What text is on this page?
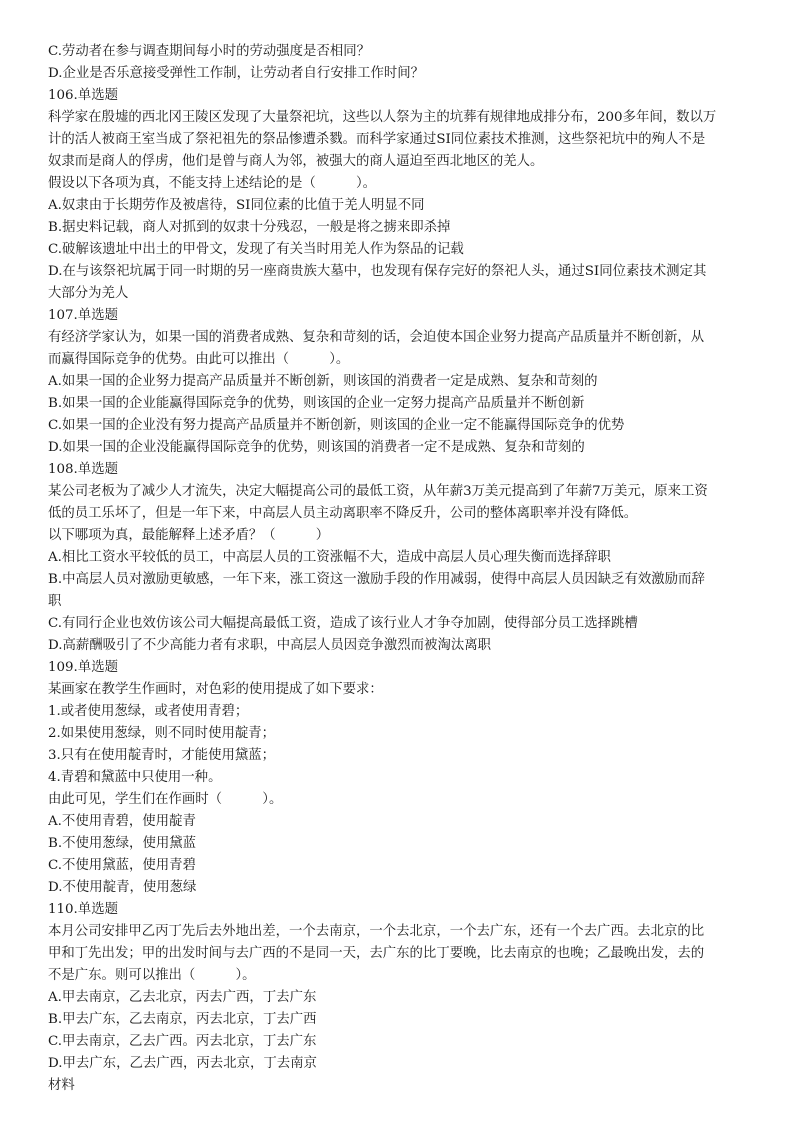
C.劳动者在参与调查期间每小时的劳动强度是否相同？
D.企业是否乐意接受弹性工作制，让劳动者自行安排工作时间？
106.单选题
科学家在殷墟的西北冈王陵区发现了大量祭祀坑，这些以人祭为主的坑葬有规律地成排分布，200多年间，数以万
计的活人被商王室当成了祭祀祖先的祭品惨遭杀戮。而科学家通过SI同位素技术推测，这些祭祀坑中的殉人不是
奴隶而是商人的俘虏，他们是曾与商人为邻，被强大的商人逼迫至西北地区的羌人。
假设以下各项为真，不能支持上述结论的是（　　　）。
A.奴隶由于长期劳作及被虐待，SI同位素的比值于羌人明显不同
B.据史料记载，商人对抓到的奴隶十分残忍，一般是将之掳来即杀掉
C.破解该遗址中出土的甲骨文，发现了有关当时用羌人作为祭品的记载
D.在与该祭祀坑属于同一时期的另一座商贵族大墓中，也发现有保存完好的祭祀人头，通过SI同位素技术测定其
大部分为羌人
107.单选题
有经济学家认为，如果一国的消费者成熟、复杂和苛刻的话，会迫使本国企业努力提高产品质量并不断创新，从
而赢得国际竞争的优势。由此可以推出（　　　）。
A.如果一国的企业努力提高产品质量并不断创新，则该国的消费者一定是成熟、复杂和苛刻的
B.如果一国的企业能赢得国际竞争的优势，则该国的企业一定努力提高产品质量并不断创新
C.如果一国的企业没有努力提高产品质量并不断创新，则该国的企业一定不能赢得国际竞争的优势
D.如果一国的企业没能赢得国际竞争的优势，则该国的消费者一定不是成熟、复杂和苛刻的
108.单选题
某公司老板为了减少人才流失，决定大幅提高公司的最低工资，从年薪3万美元提高到了年薪7万美元，原来工资
低的员工乐坏了，但是一年下来，中高层人员主动离职率不降反升，公司的整体离职率并没有降低。
以下哪项为真，最能解释上述矛盾？（　　　）
A.相比工资水平较低的员工，中高层人员的工资涨幅不大，造成中高层人员心理失衡而选择辞职
B.中高层人员对激励更敏感，一年下来，涨工资这一激励手段的作用减弱，使得中高层人员因缺乏有效激励而辞
职
C.有同行企业也效仿该公司大幅提高最低工资，造成了该行业人才争夺加剧，使得部分员工选择跳槽
D.高薪酬吸引了不少高能力者有求职，中高层人员因竞争激烈而被淘汰离职
109.单选题
某画家在教学生作画时，对色彩的使用提成了如下要求：
1.或者使用葱绿，或者使用青碧；
2.如果使用葱绿，则不同时使用靛青；
3.只有在使用靛青时，才能使用黛蓝；
4.青碧和黛蓝中只使用一种。
由此可见，学生们在作画时（　　　）。
A.不使用青碧，使用靛青
B.不使用葱绿，使用黛蓝
C.不使用黛蓝，使用青碧
D.不使用靛青，使用葱绿
110.单选题
本月公司安排甲乙丙丁先后去外地出差，一个去南京，一个去北京，一个去广东，还有一个去广西。去北京的比
甲和丁先出发；甲的出发时间与去广西的不是同一天，去广东的比丁要晚，比去南京的也晚；乙最晚出发，去的
不是广东。则可以推出（　　　）。
A.甲去南京，乙去北京，丙去广西，丁去广东
B.甲去广东，乙去南京，丙去北京，丁去广西
C.甲去南京，乙去广西。丙去北京，丁去广东
D.甲去广东，乙去广西，丙去北京，丁去南京
材料
